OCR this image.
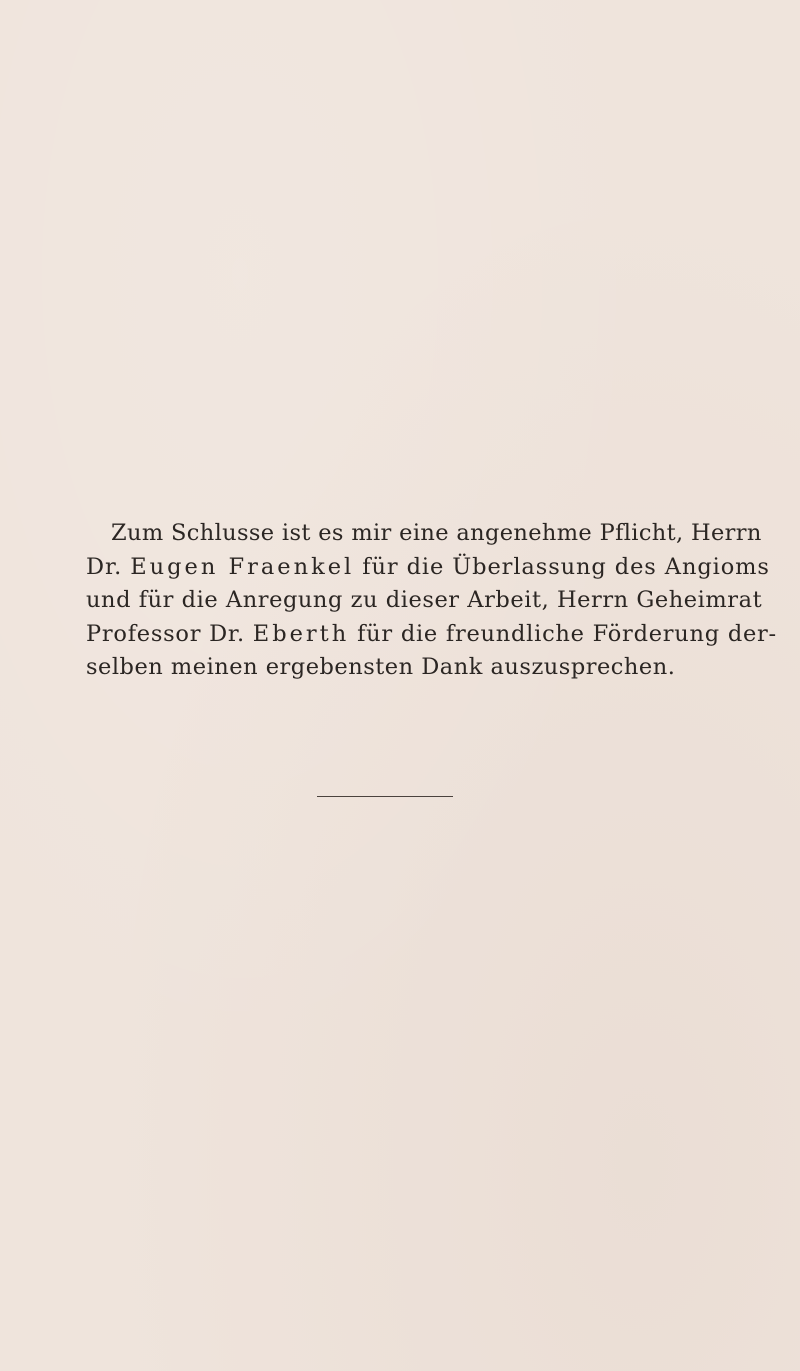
Zum Schlusse ist es mir eine angenehme Pflicht, Herrn
Dr. Eugen Fraenkel für die Überlassung des Angioms
und für die Anregung zu dieser Arbeit, Herrn Geheimrat
Professor Dr. Eberth für die freundliche Förderung der-
selben meinen ergebensten Dank auszusprechen.
